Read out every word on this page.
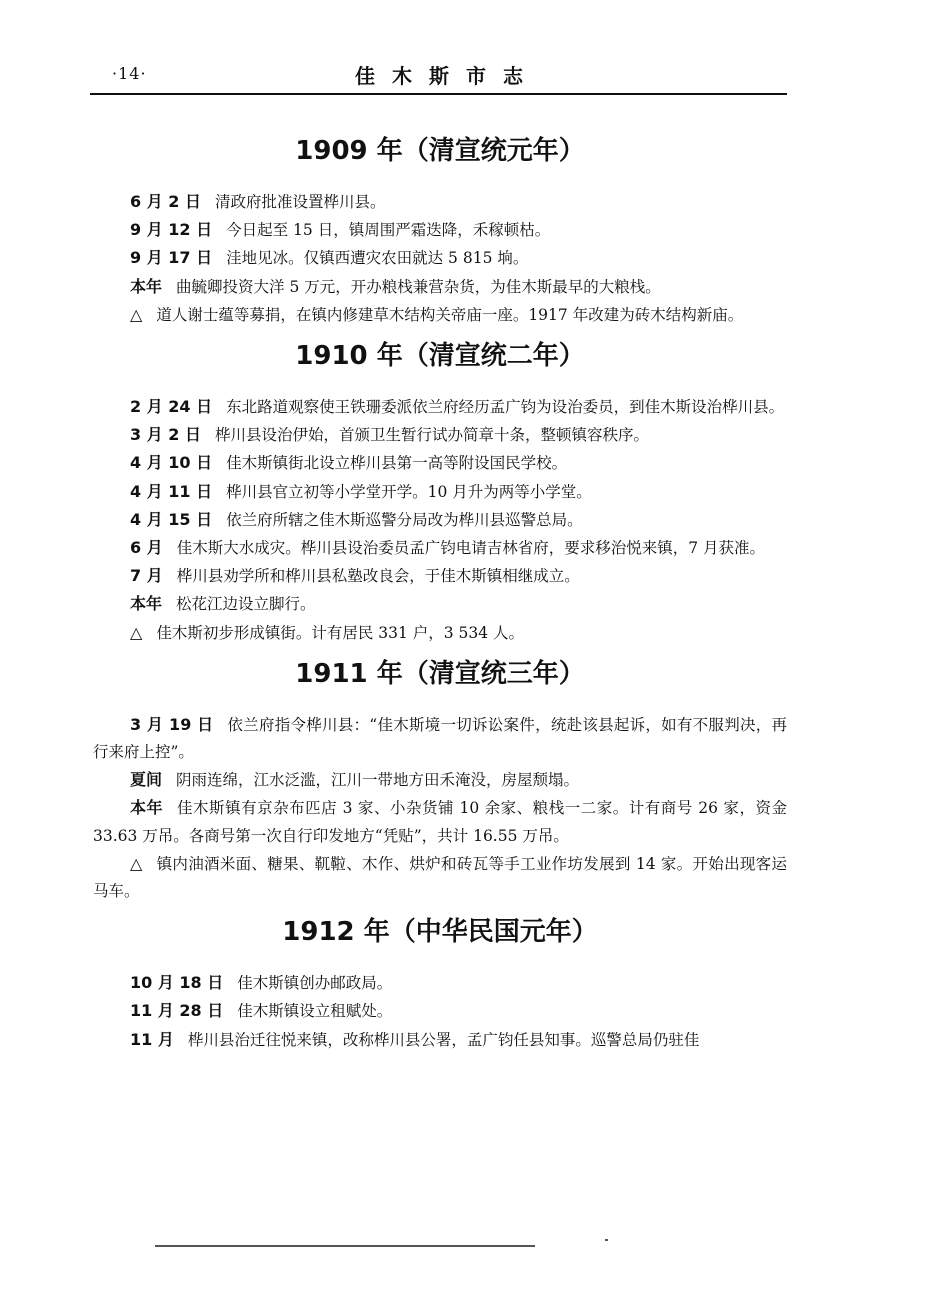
·14·	佳木斯市志
1909 年（清宣统元年）

6 月 2 日 清政府批准设置桦川县。

9 月 12 日 今日起至 15 日，镇周围严霜迭降，禾稼顿枯。

9 月 17 日 洼地见冰。仅镇西遭灾农田就达 5 815 垧。

本年 曲毓卿投资大洋 5 万元，开办粮栈兼营杂货，为佳木斯最早的大粮栈。

△ 道人谢士蕴等募捐，在镇内修建草木结构关帝庙一座。1917 年改建为砖木结构新庙。

1910 年（清宣统二年）

2 月 24 日 东北路道观察使王铁珊委派依兰府经历孟广钧为设治委员，到佳木斯设治桦川县。

3 月 2 日 桦川县设治伊始，首颁卫生暂行试办简章十条，整顿镇容秩序。

4 月 10 日 佳木斯镇街北设立桦川县第一高等附设国民学校。

4 月 11 日 桦川县官立初等小学堂开学。10 月升为两等小学堂。

4 月 15 日 依兰府所辖之佳木斯巡警分局改为桦川县巡警总局。

6 月 佳木斯大水成灾。桦川县设治委员孟广钧电请吉林省府，要求移治悦来镇，7 月获准。

7 月 桦川县劝学所和桦川县私塾改良会，于佳木斯镇相继成立。

本年 松花江边设立脚行。

△ 佳木斯初步形成镇街。计有居民 331 户，3 534 人。

1911 年（清宣统三年）

3 月 19 日 依兰府指令桦川县：“佳木斯境一切诉讼案件，统赴该县起诉，如有不服判决，再行来府上控”。

夏间 阴雨连绵，江水泛滥，江川一带地方田禾淹没，房屋颓塌。

本年 佳木斯镇有京杂布匹店 3 家、小杂货铺 10 余家、粮栈一二家。计有商号 26 家，资金 33.63 万吊。各商号第一次自行印发地方“凭贴”，共计 16.55 万吊。

△ 镇内油酒米面、糖果、靰鞡、木作、烘炉和砖瓦等手工业作坊发展到 14 家。开始出现客运马车。

1912 年（中华民国元年）

10 月 18 日 佳木斯镇创办邮政局。

11 月 28 日 佳木斯镇设立租赋处。

11 月 桦川县治迁往悦来镇，改称桦川县公署，孟广钧任县知事。巡警总局仍驻佳
